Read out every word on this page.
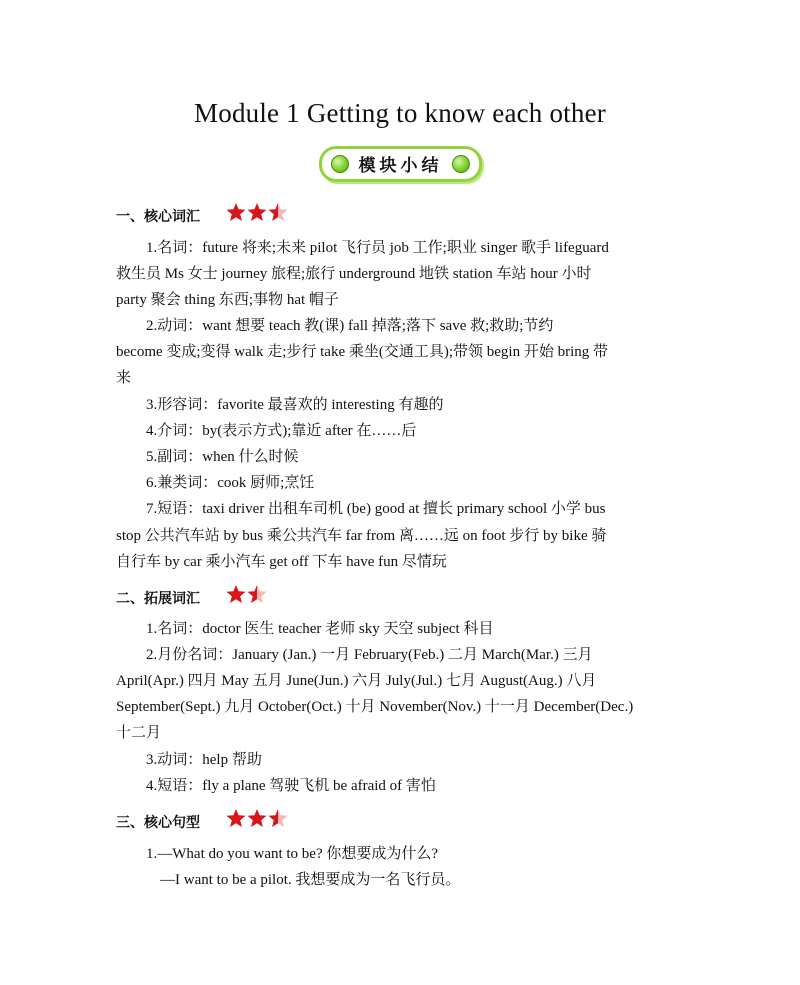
Module 1 Getting to know each other
模块小结
一、核心词汇
1.名词：future 将来;未来 pilot 飞行员 job 工作;职业 singer 歌手 lifeguard
救生员 Ms 女士 journey 旅程;旅行 underground 地铁 station 车站 hour 小时
party 聚会 thing 东西;事物 hat 帽子
2.动词：want 想要 teach 教(课) fall 掉落;落下 save 救;救助;节约
become 变成;变得 walk 走;步行 take 乘坐(交通工具);带领 begin 开始 bring 带
来
3.形容词：favorite 最喜欢的 interesting 有趣的
4.介词：by(表示方式);靠近 after 在……后
5.副词：when 什么时候
6.兼类词：cook 厨师;烹饪
7.短语：taxi driver 出租车司机 (be) good at 擅长 primary school 小学 bus
stop 公共汽车站 by bus 乘公共汽车 far from 离……远 on foot 步行 by bike 骑
自行车 by car 乘小汽车 get off 下车 have fun 尽情玩
二、拓展词汇
1.名词：doctor 医生 teacher 老师 sky 天空 subject 科目
2.月份名词：January (Jan.) 一月 February(Feb.) 二月 March(Mar.) 三月
April(Apr.) 四月 May 五月 June(Jun.) 六月 July(Jul.) 七月 August(Aug.) 八月
September(Sept.) 九月 October(Oct.) 十月 November(Nov.) 十一月 December(Dec.)
十二月
3.动词：help 帮助
4.短语：fly a plane 驾驶飞机 be afraid of 害怕
三、核心句型
1.—What do you want to be? 你想要成为什么?
—I want to be a pilot. 我想要成为一名飞行员。
